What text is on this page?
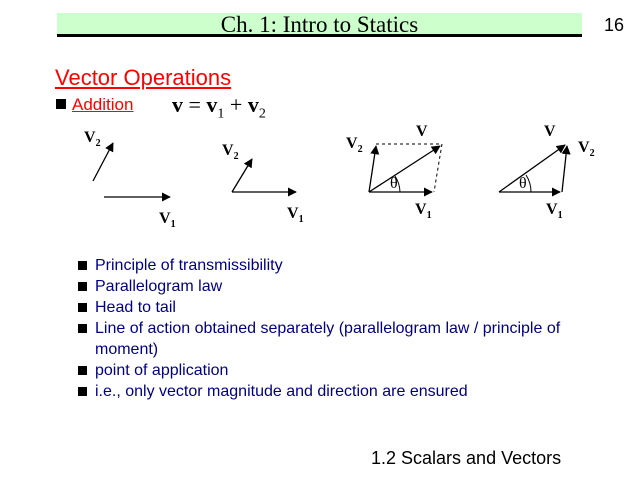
Ch. 1: Intro to Statics	16
Vector Operations
Addition $v = v_1 + v_2$
$V_2$
$V_1$
$V_2$
$V_1$
θ
$V_2$
V
$V_1$
θ
V
$V_2$
$V_1$
Principle of transmissibility
Parallelogram law
Head to tail
Line of action obtained separately (parallelogram law / principle of moment)
point of application
i.e., only vector magnitude and direction are ensured
1.2 Scalars and Vectors
